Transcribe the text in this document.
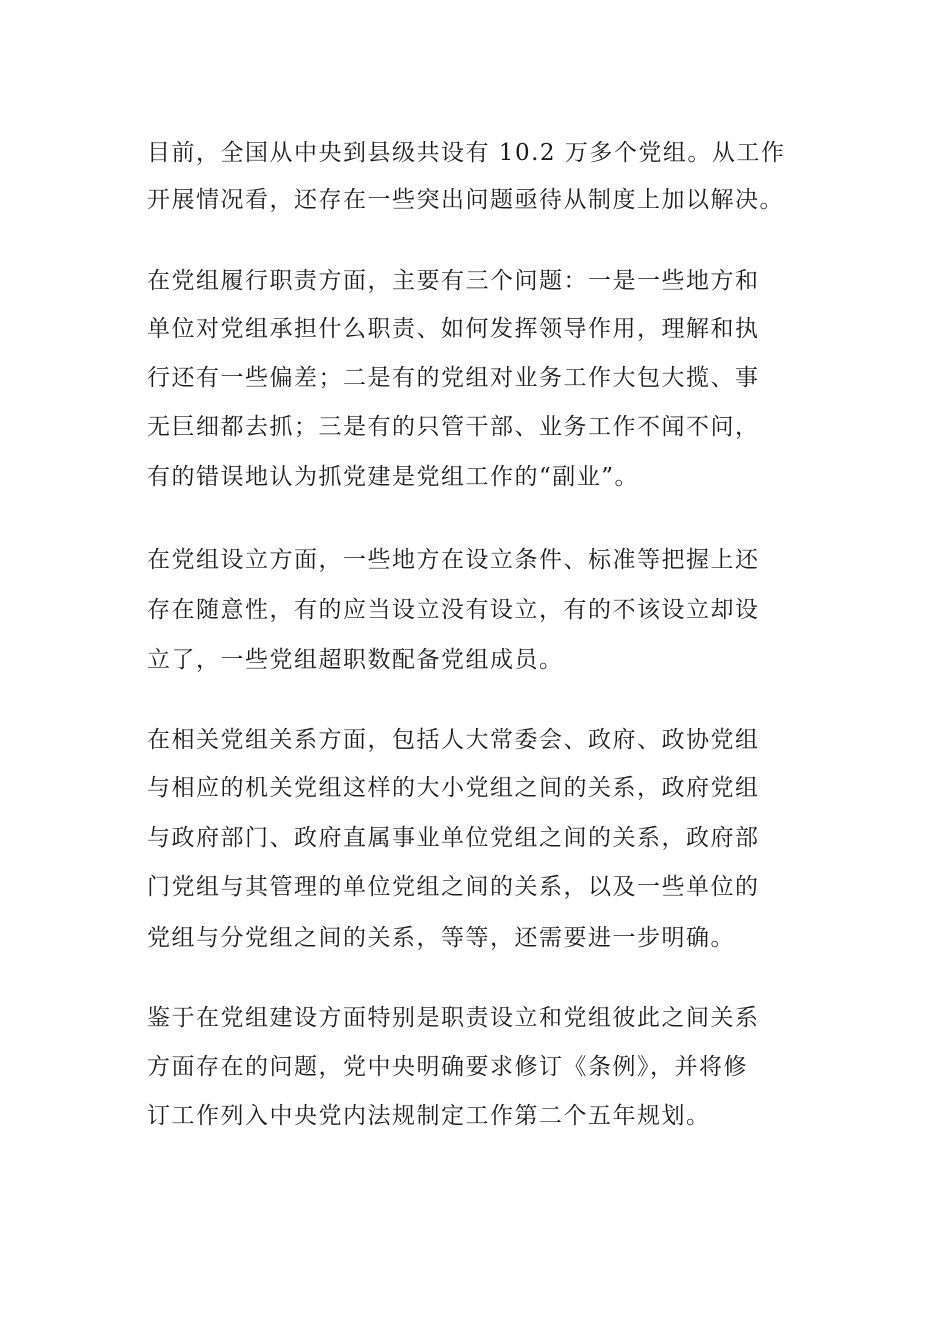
目前，全国从中央到县级共设有 10.2 万多个党组。从工作

开展情况看，还存在一些突出问题亟待从制度上加以解决。

在党组履行职责方面，主要有三个问题：一是一些地方和

单位对党组承担什么职责、如何发挥领导作用，理解和执

行还有一些偏差；二是有的党组对业务工作大包大揽、事

无巨细都去抓；三是有的只管干部、业务工作不闻不问，

有的错误地认为抓党建是党组工作的“副业”。

在党组设立方面，一些地方在设立条件、标准等把握上还

存在随意性，有的应当设立没有设立，有的不该设立却设

立了，一些党组超职数配备党组成员。

在相关党组关系方面，包括人大常委会、政府、政协党组

与相应的机关党组这样的大小党组之间的关系，政府党组

与政府部门、政府直属事业单位党组之间的关系，政府部

门党组与其管理的单位党组之间的关系，以及一些单位的

党组与分党组之间的关系，等等，还需要进一步明确。

鉴于在党组建设方面特别是职责设立和党组彼此之间关系

方面存在的问题，党中央明确要求修订《条例》，并将修

订工作列入中央党内法规制定工作第二个五年规划。
